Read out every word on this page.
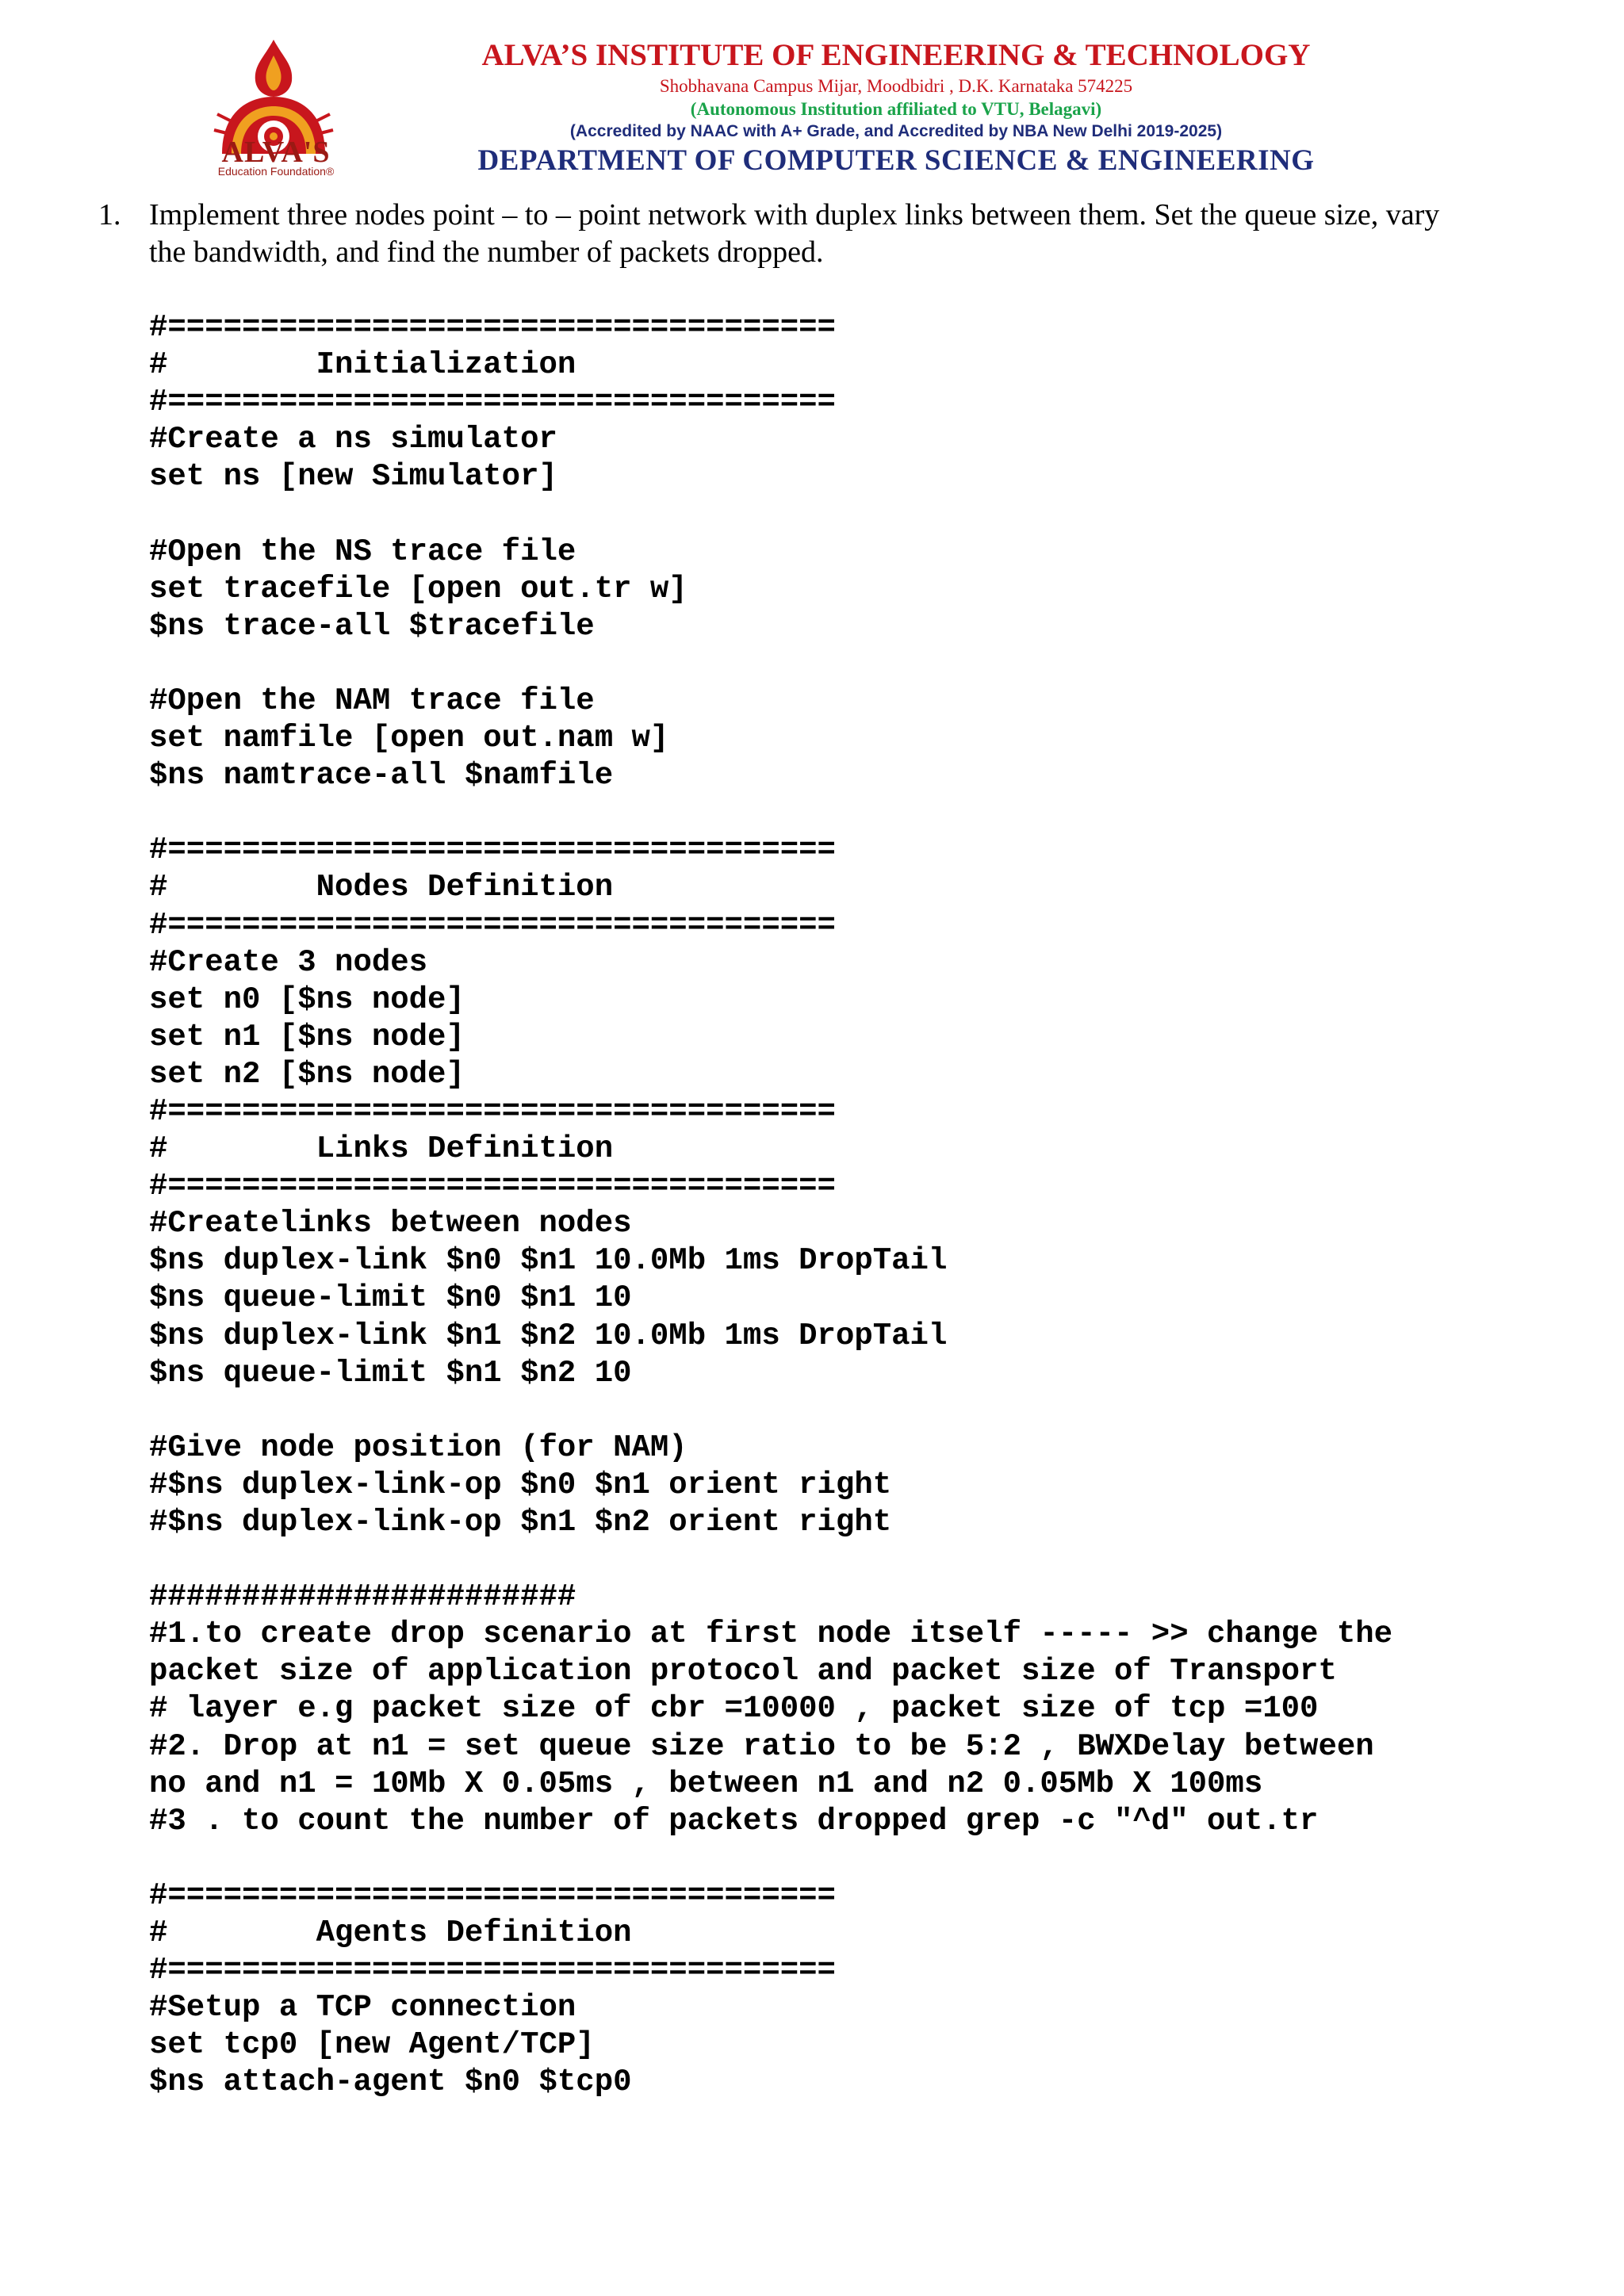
ALVA'S
Education Foundation®
ALVA’S INSTITUTE OF ENGINEERING & TECHNOLOGY
Shobhavana Campus Mijar, Moodbidri , D.K. Karnataka 574225
(Autonomous Institution affiliated to VTU, Belagavi)
(Accredited by NAAC with A+ Grade, and Accredited by NBA New Delhi 2019-2025)
DEPARTMENT OF COMPUTER SCIENCE & ENGINEERING
1. Implement three nodes point – to – point network with duplex links between them. Set the queue size, vary the bandwidth, and find the number of packets dropped.
#====================================
#        Initialization
#====================================
#Create a ns simulator
set ns [new Simulator]
#Open the NS trace file
set tracefile [open out.tr w]
$ns trace-all $tracefile
#Open the NAM trace file
set namfile [open out.nam w]
$ns namtrace-all $namfile
#====================================
#        Nodes Definition
#====================================
#Create 3 nodes
set n0 [$ns node]
set n1 [$ns node]
set n2 [$ns node]
#====================================
#        Links Definition
#====================================
#Createlinks between nodes
$ns duplex-link $n0 $n1 10.0Mb 1ms DropTail
$ns queue-limit $n0 $n1 10
$ns duplex-link $n1 $n2 10.0Mb 1ms DropTail
$ns queue-limit $n1 $n2 10
#Give node position (for NAM)
#$ns duplex-link-op $n0 $n1 orient right
#$ns duplex-link-op $n1 $n2 orient right
#######################
#1.to create drop scenario at first node itself ----- >> change the
packet size of application protocol and packet size of Transport
# layer e.g packet size of cbr =10000 , packet size of tcp =100
#2. Drop at n1 = set queue size ratio to be 5:2 , BWXDelay between
no and n1 = 10Mb X 0.05ms , between n1 and n2 0.05Mb X 100ms
#3 . to count the number of packets dropped grep -c "^d" out.tr
#====================================
#        Agents Definition
#====================================
#Setup a TCP connection
set tcp0 [new Agent/TCP]
$ns attach-agent $n0 $tcp0
